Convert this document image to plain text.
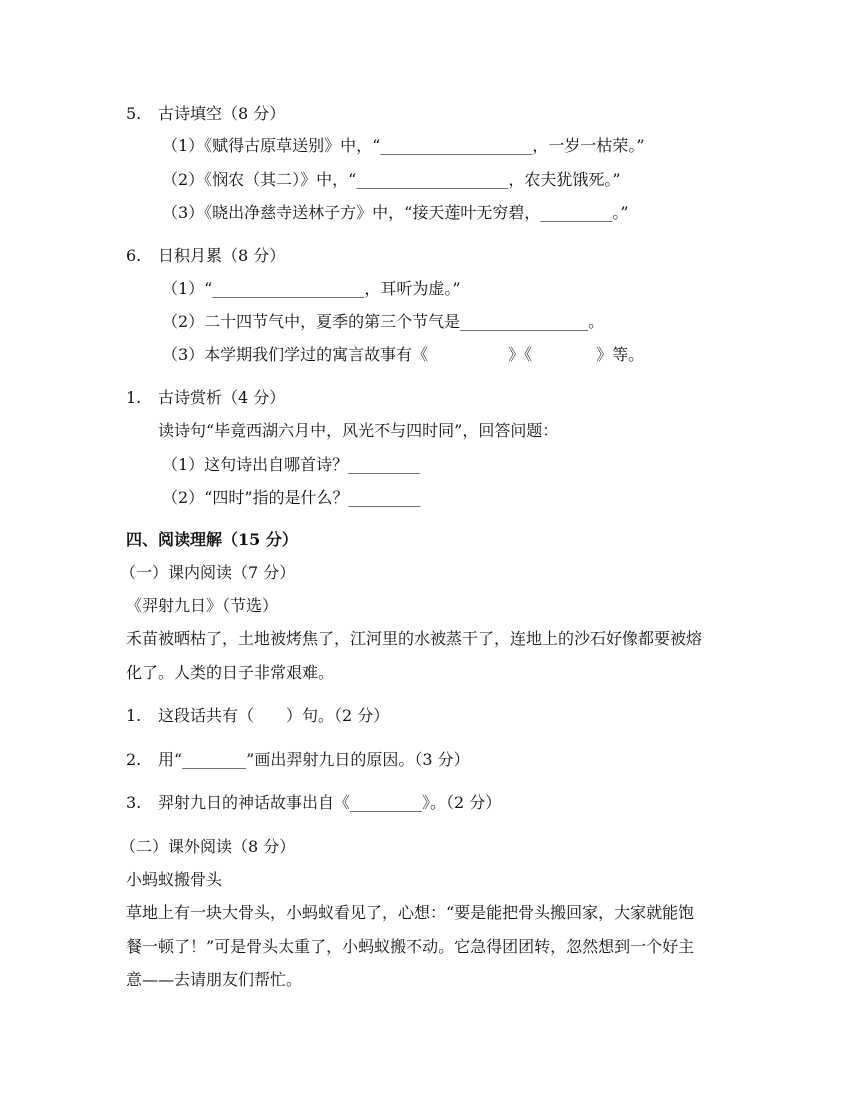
5. 古诗填空（8 分）
（1）《赋得古原草送别》中，“___________________，一岁一枯荣。”
（2）《悯农（其二）》中，“___________________，农夫犹饿死。”
（3）《晓出净慈寺送林子方》中，“接天莲叶无穷碧，_________。”
6. 日积月累（8 分）
（1）“___________________，耳听为虚。”
（2）二十四节气中，夏季的第三个节气是________________。
（3）本学期我们学过的寓言故事有《　　　　　》《　　　　》等。
1. 古诗赏析（4 分）
读诗句“毕竟西湖六月中，风光不与四时同”，回答问题：
（1）这句诗出自哪首诗？_________
（2）“四时”指的是什么？_________
四、阅读理解（15 分）
（一）课内阅读（7 分）
《羿射九日》（节选）
禾苗被晒枯了，土地被烤焦了，江河里的水被蒸干了，连地上的沙石好像都要被熔
化了。人类的日子非常艰难。
1. 这段话共有（　　）句。（2 分）
2. 用“________”画出羿射九日的原因。（3 分）
3. 羿射九日的神话故事出自《_________》。（2 分）
（二）课外阅读（8 分）
小蚂蚁搬骨头
草地上有一块大骨头，小蚂蚁看见了，心想：“要是能把骨头搬回家，大家就能饱
餐一顿了！”可是骨头太重了，小蚂蚁搬不动。它急得团团转，忽然想到一个好主
意——去请朋友们帮忙。
